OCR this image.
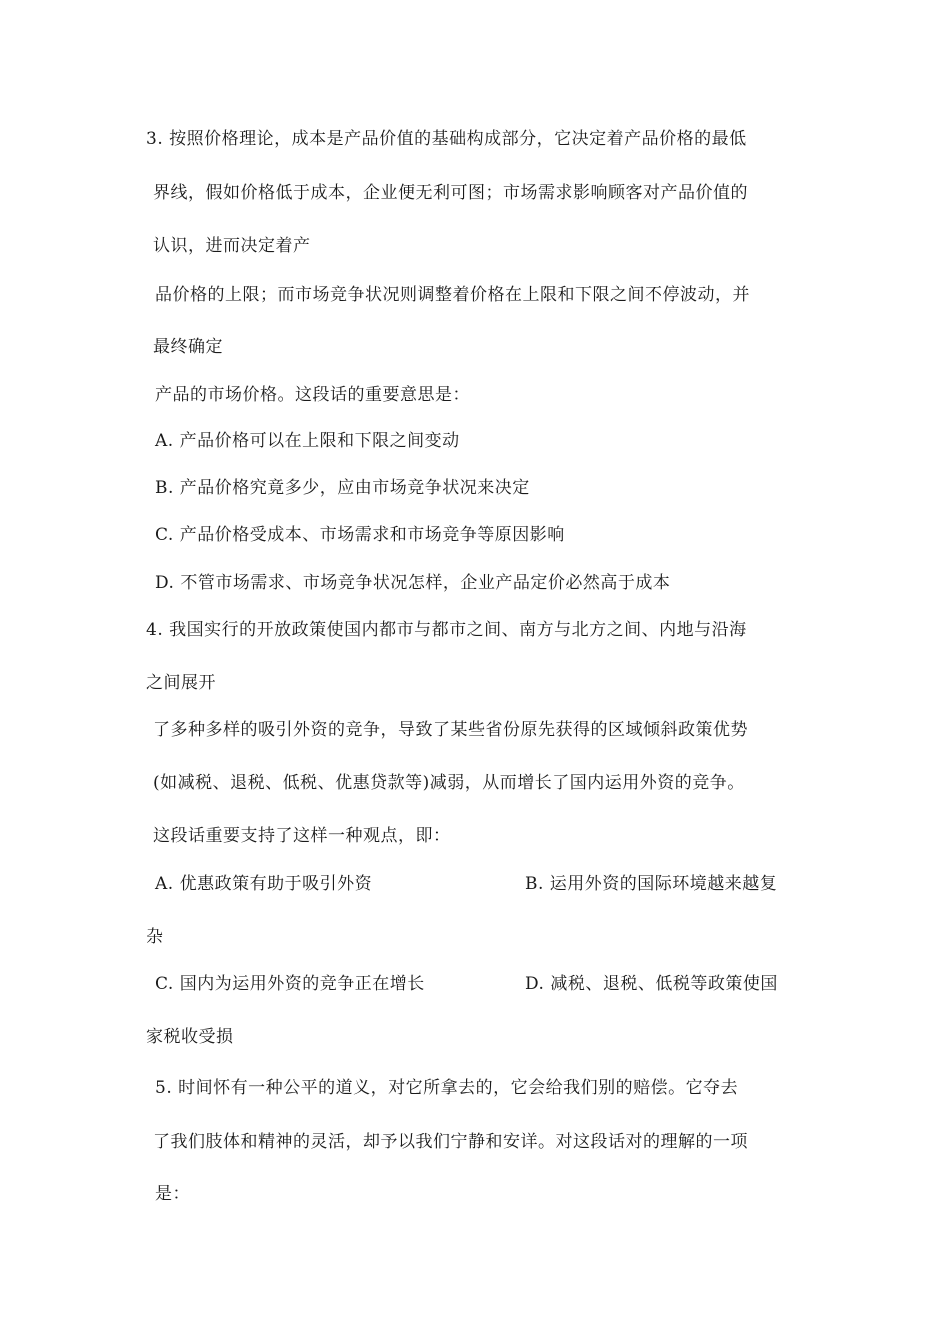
3. 按照价格理论，成本是产品价值的基础构成部分，它决定着产品价格的最低
界线，假如价格低于成本，企业便无利可图；市场需求影响顾客对产品价值的
认识，进而决定着产
品价格的上限；而市场竞争状况则调整着价格在上限和下限之间不停波动，并
最终确定
产品的市场价格。这段话的重要意思是：
A. 产品价格可以在上限和下限之间变动
B. 产品价格究竟多少，应由市场竞争状况来决定
C. 产品价格受成本、市场需求和市场竞争等原因影响
D. 不管市场需求、市场竞争状况怎样，企业产品定价必然高于成本
4. 我国实行的开放政策使国内都市与都市之间、南方与北方之间、内地与沿海
之间展开
了多种多样的吸引外资的竞争，导致了某些省份原先获得的区域倾斜政策优势
(如减税、退税、低税、优惠贷款等)减弱，从而增长了国内运用外资的竞争。
这段话重要支持了这样一种观点，即：
A. 优惠政策有助于吸引外资	B. 运用外资的国际环境越来越复
杂
C. 国内为运用外资的竞争正在增长	D. 减税、退税、低税等政策使国
家税收受损
5. 时间怀有一种公平的道义，对它所拿去的，它会给我们别的赔偿。它夺去
了我们肢体和精神的灵活，却予以我们宁静和安详。对这段话对的理解的一项
是：
